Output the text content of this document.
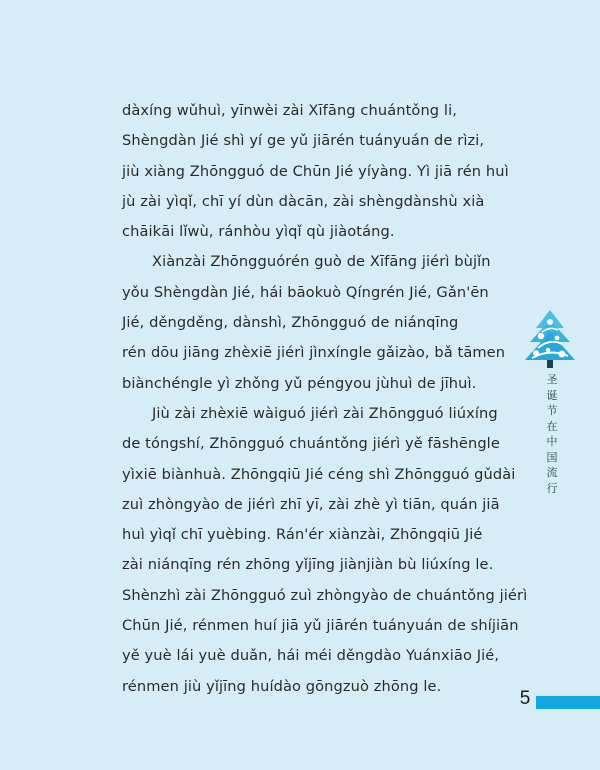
dàxíng wǔhuì, yīnwèi zài Xīfāng chuántǒng li,
Shèngdàn Jié shì yí ge yǔ jiārén tuányuán de rìzi,
jiù xiàng Zhōngguó de Chūn Jié yíyàng. Yì jiā rén huì
jù zài yìqǐ, chī yí dùn dàcān, zài shèngdànshù xià
chāikāi lǐwù, ránhòu yìqǐ qù jiàotáng.
Xiànzài Zhōngguórén guò de Xīfāng jiérì bùjǐn
yǒu Shèngdàn Jié, hái bāokuò Qíngrén Jié, Gǎn'ēn
Jié, děngděng, dànshì, Zhōngguó de niánqīng
rén dōu jiāng zhèxiē jiérì jìnxíngle gǎizào, bǎ tāmen
biànchéngle yì zhǒng yǔ péngyou jùhuì de jīhuì.
Jiù zài zhèxiē wàiguó jiérì zài Zhōngguó liúxíng
de tóngshí, Zhōngguó chuántǒng jiérì yě fāshēngle
yìxiē biànhuà. Zhōngqiū Jié céng shì Zhōngguó gǔdài
zuì zhòngyào de jiérì zhī yī, zài zhè yì tiān, quán jiā
huì yìqǐ chī yuèbing. Rán'ér xiànzài, Zhōngqiū Jié
zài niánqīng rén zhōng yǐjīng jiànjiàn bù liúxíng le.
Shènzhì zài Zhōngguó zuì zhòngyào de chuántǒng jiérì
Chūn Jié, rénmen huí jiā yǔ jiārén tuányuán de shíjiān
yě yuè lái yuè duǎn, hái méi děngdào Yuánxiāo Jié,
rénmen jiù yǐjīng huídào gōngzuò zhōng le.
圣
诞
节
在
中
国
流
行
5
